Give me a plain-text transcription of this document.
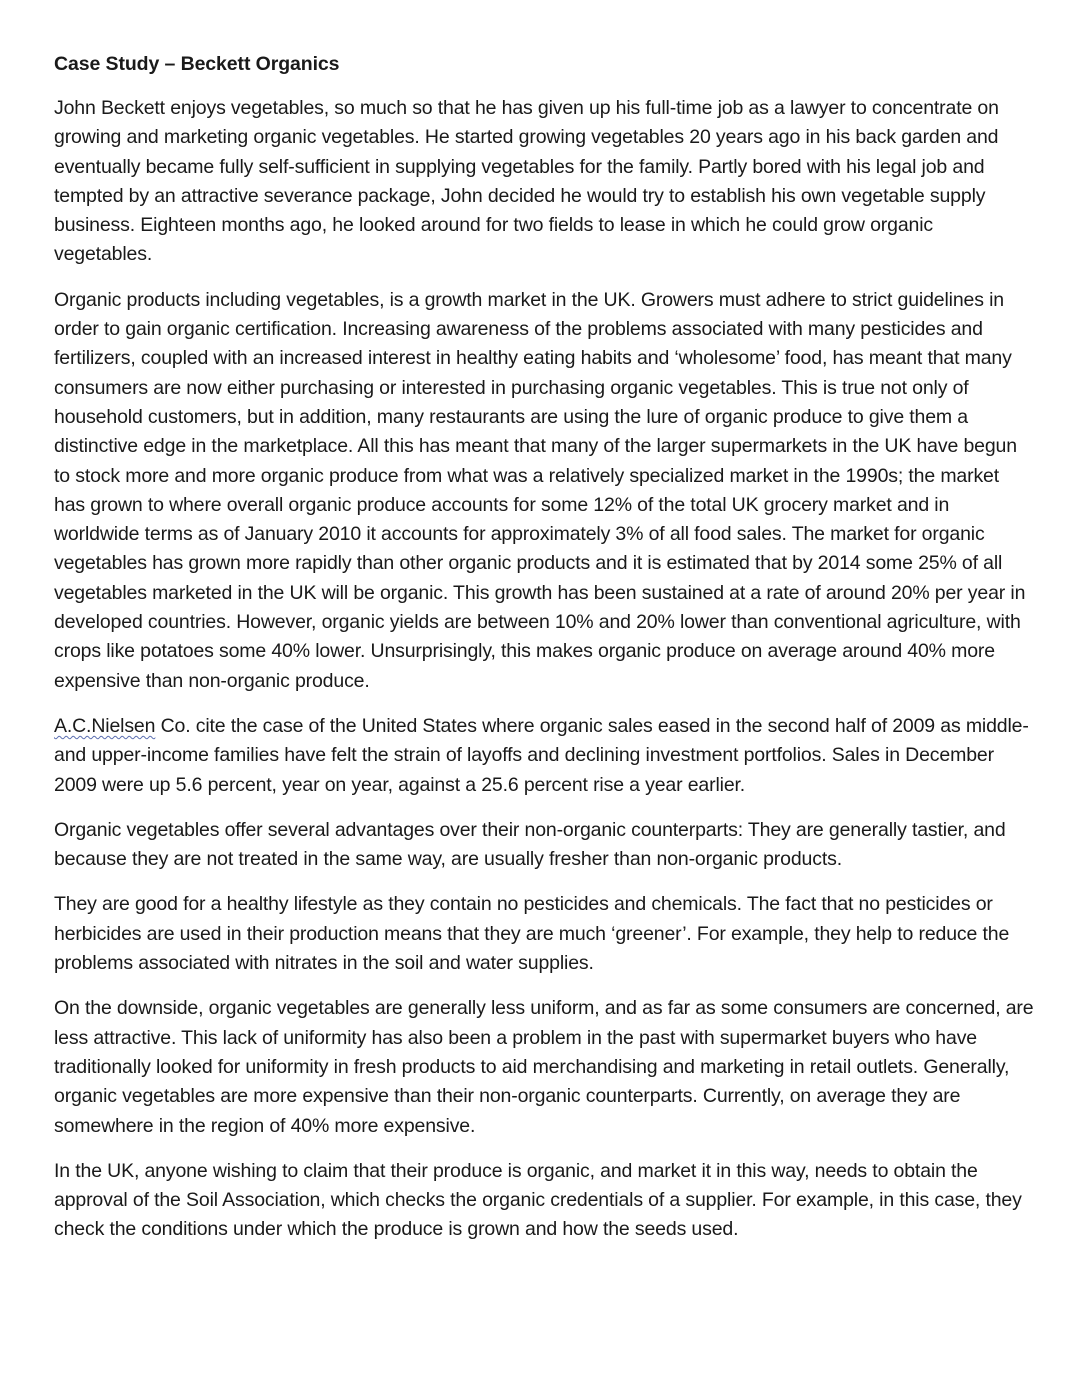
Case Study – Beckett Organics

John Beckett enjoys vegetables, so much so that he has given up his full-time job as a lawyer to concentrate on growing and marketing organic vegetables. He started growing vegetables 20 years ago in his back garden and eventually became fully self-sufficient in supplying vegetables for the family. Partly bored with his legal job and tempted by an attractive severance package, John decided he would try to establish his own vegetable supply business. Eighteen months ago, he looked around for two fields to lease in which he could grow organic vegetables.

Organic products including vegetables, is a growth market in the UK. Growers must adhere to strict guidelines in order to gain organic certification. Increasing awareness of the problems associated with many pesticides and fertilizers, coupled with an increased interest in healthy eating habits and ‘wholesome’ food, has meant that many consumers are now either purchasing or interested in purchasing organic vegetables. This is true not only of household customers, but in addition, many restaurants are using the lure of organic produce to give them a distinctive edge in the marketplace. All this has meant that many of the larger supermarkets in the UK have begun to stock more and more organic produce from what was a relatively specialized market in the 1990s; the market has grown to where overall organic produce accounts for some 12% of the total UK grocery market and in worldwide terms as of January 2010 it accounts for approximately 3% of all food sales. The market for organic vegetables has grown more rapidly than other organic products and it is estimated that by 2014 some 25% of all vegetables marketed in the UK will be organic. This growth has been sustained at a rate of around 20% per year in developed countries. However, organic yields are between 10% and 20% lower than conventional agriculture, with crops like potatoes some 40% lower. Unsurprisingly, this makes organic produce on average around 40% more expensive than non-organic produce.

A.C.Nielsen Co. cite the case of the United States where organic sales eased in the second half of 2009 as middle- and upper-income families have felt the strain of layoffs and declining investment portfolios. Sales in December 2009 were up 5.6 percent, year on year, against a 25.6 percent rise a year earlier.

Organic vegetables offer several advantages over their non-organic counterparts: They are generally tastier, and because they are not treated in the same way, are usually fresher than non-organic products.

They are good for a healthy lifestyle as they contain no pesticides and chemicals. The fact that no pesticides or herbicides are used in their production means that they are much ‘greener’. For example, they help to reduce the problems associated with nitrates in the soil and water supplies.

On the downside, organic vegetables are generally less uniform, and as far as some consumers are concerned, are less attractive. This lack of uniformity has also been a problem in the past with supermarket buyers who have traditionally looked for uniformity in fresh products to aid merchandising and marketing in retail outlets. Generally, organic vegetables are more expensive than their non-organic counterparts. Currently, on average they are somewhere in the region of 40% more expensive.

In the UK, anyone wishing to claim that their produce is organic, and market it in this way, needs to obtain the approval of the Soil Association, which checks the organic credentials of a supplier. For example, in this case, they check the conditions under which the produce is grown and how the seeds used.
